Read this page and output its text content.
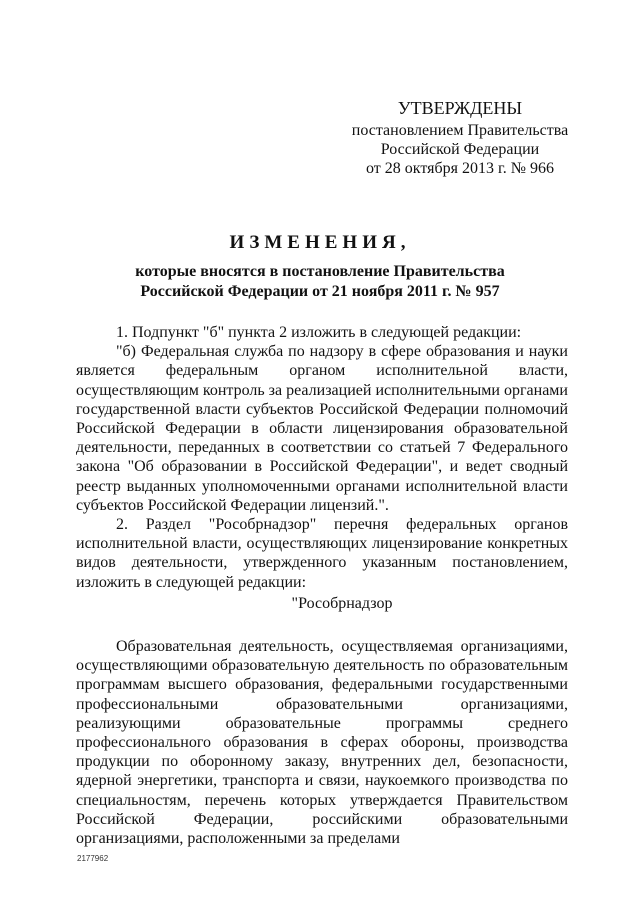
УТВЕРЖДЕНЫ
постановлением Правительства
Российской Федерации
от 28 октября 2013 г. № 966
ИЗМЕНЕНИЯ,
которые вносятся в постановление Правительства
Российской Федерации от 21 ноября 2011 г. № 957

1. Подпункт "б" пункта 2 изложить в следующей редакции:

"б) Федеральная служба по надзору в сфере образования и науки является федеральным органом исполнительной власти, осуществляющим контроль за реализацией исполнительными органами государственной власти субъектов Российской Федерации полномочий Российской Федерации в области лицензирования образовательной деятельности, переданных в соответствии со статьей 7 Федерального закона "Об образовании в Российской Федерации", и ведет сводный реестр выданных уполномоченными органами исполнительной власти субъектов Российской Федерации лицензий.".

2. Раздел "Рособрнадзор" перечня федеральных органов исполнительной власти, осуществляющих лицензирование конкретных видов деятельности, утвержденного указанным постановлением, изложить в следующей редакции:

"Рособрнадзор

Образовательная деятельность, осуществляемая организациями, осуществляющими образовательную деятельность по образовательным программам высшего образования, федеральными государственными профессиональными образовательными организациями, реализующими образовательные программы среднего профессионального образования в сферах обороны, производства продукции по оборонному заказу, внутренних дел, безопасности, ядерной энергетики, транспорта и связи, наукоемкого производства по специальностям, перечень которых утверждается Правительством Российской Федерации, российскими образовательными организациями, расположенными за пределами

2177962
